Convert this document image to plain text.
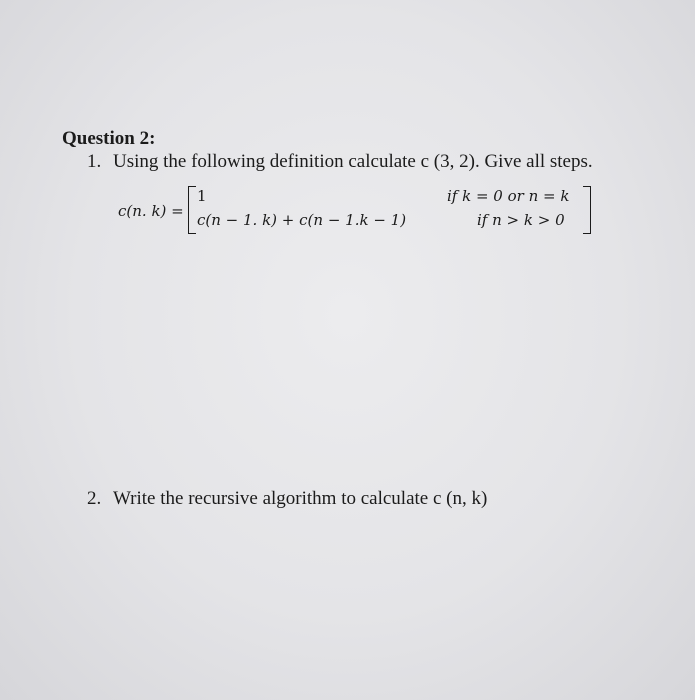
Question 2:
1. Using the following definition calculate c (3, 2). Give all steps.
c(n. k) =
1
c(n − 1. k) + c(n − 1.k − 1)
if k = 0 or n = k
if n > k > 0
2. Write the recursive algorithm to calculate c (n, k)
